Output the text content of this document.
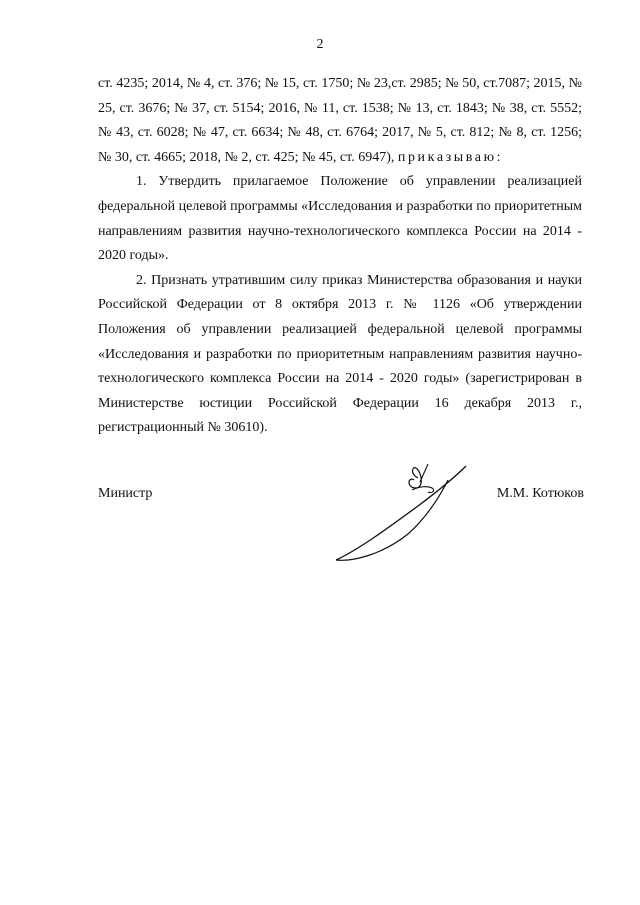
2

ст. 4235; 2014, № 4, ст. 376; № 15, ст. 1750; № 23,ст. 2985; № 50, ст.7087; 2015, № 25, ст. 3676; № 37, ст. 5154; 2016, № 11, ст. 1538; № 13, ст. 1843; № 38, ст. 5552; № 43, ст. 6028; № 47, ст. 6634; № 48, ст. 6764; 2017, № 5, ст. 812; № 8, ст. 1256; № 30, ст. 4665; 2018, № 2, ст. 425; № 45, ст. 6947), приказываю:

1. Утвердить прилагаемое Положение об управлении реализацией федеральной целевой программы «Исследования и разработки по приоритетным направлениям развития научно-технологического комплекса России на 2014 - 2020 годы».

2. Признать утратившим силу приказ Министерства образования и науки Российской Федерации от 8 октября 2013 г. № 1126 «Об утверждении Положения об управлении реализацией федеральной целевой программы «Исследования и разработки по приоритетным направлениям развития научно-технологического комплекса России на 2014 - 2020 годы» (зарегистрирован в Министерстве юстиции Российской Федерации 16 декабря 2013 г., регистрационный № 30610).

Министр	М.М. Котюков
